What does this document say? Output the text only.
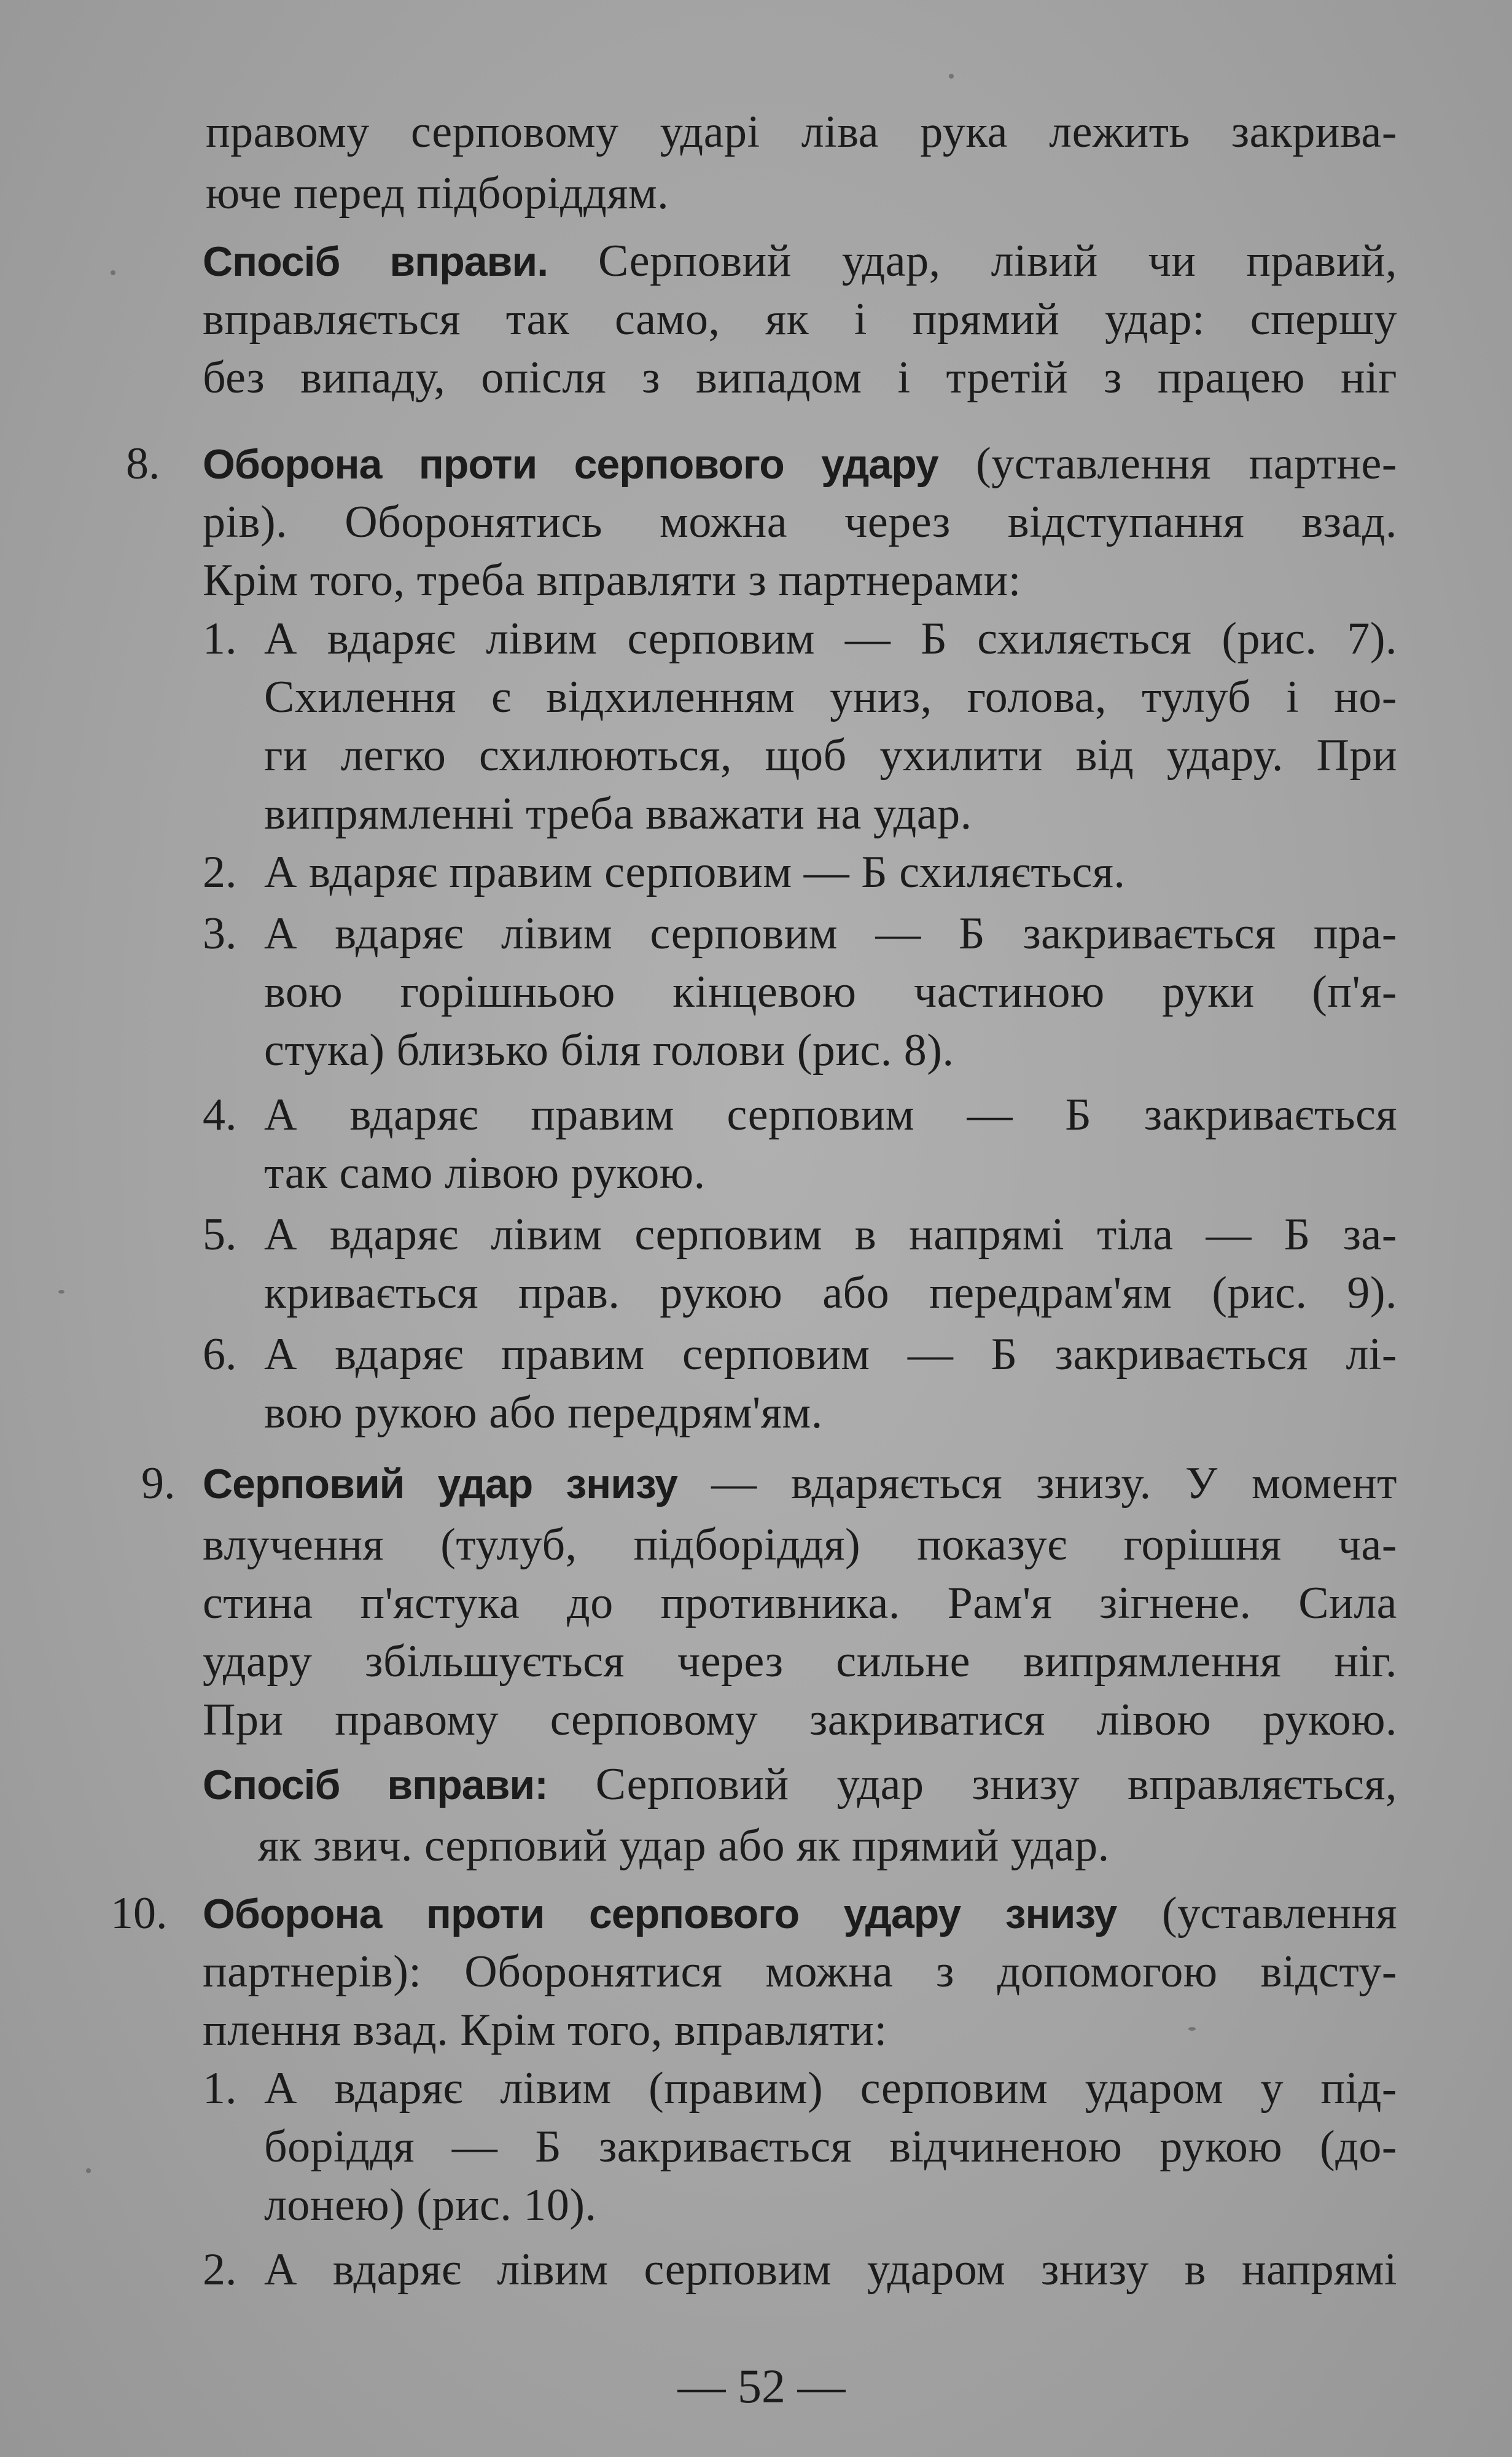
правому серповому ударі ліва рука лежить закрива-
юче перед підборіддям.
Спосіб вправи. Серповий удар, лівий чи правий,
вправляється так само, як і прямий удар: спершу
без випаду, опісля з випадом і третій з працею ніг
8. Оборона проти серпового удару (уставлення партне-
рів). Оборонятись можна через відступання взад.
Крім того, треба вправляти з партнерами:
1. А вдаряє лівим серповим — Б схиляється (рис. 7).
Схилення є відхиленням униз, голова, тулуб і но-
ги легко схилюються, щоб ухилити від удару. При
випрямленні треба вважати на удар.
2. А вдаряє правим серповим — Б схиляється.
3. А вдаряє лівим серповим — Б закривається пра-
вою горішньою кінцевою частиною руки (п'я-
стука) близько біля голови (рис. 8).
4. А вдаряє правим серповим — Б закривається
так само лівою рукою.
5. А вдаряє лівим серповим в напрямі тіла — Б за-
кривається прав. рукою або передрам'ям (рис. 9).
6. А вдаряє правим серповим — Б закривається лі-
вою рукою або передрям'ям.
9. Серповий удар знизу — вдаряється знизу. У момент
влучення (тулуб, підборіддя) показує горішня ча-
стина п'ястука до противника. Рам'я зігнене. Сила
удару збільшується через сильне випрямлення ніг.
При правому серповому закриватися лівою рукою.
Спосіб вправи: Серповий удар знизу вправляється,
як звич. серповий удар або як прямий удар.
10. Оборона проти серпового удару знизу (уставлення
партнерів): Оборонятися можна з допомогою відсту-
плення взад. Крім того, вправляти:
1. А вдаряє лівим (правим) серповим ударом у під-
боріддя — Б закривається відчиненою рукою (до-
лонею) (рис. 10).
2. А вдаряє лівим серповим ударом знизу в напрямі
— 52 —
